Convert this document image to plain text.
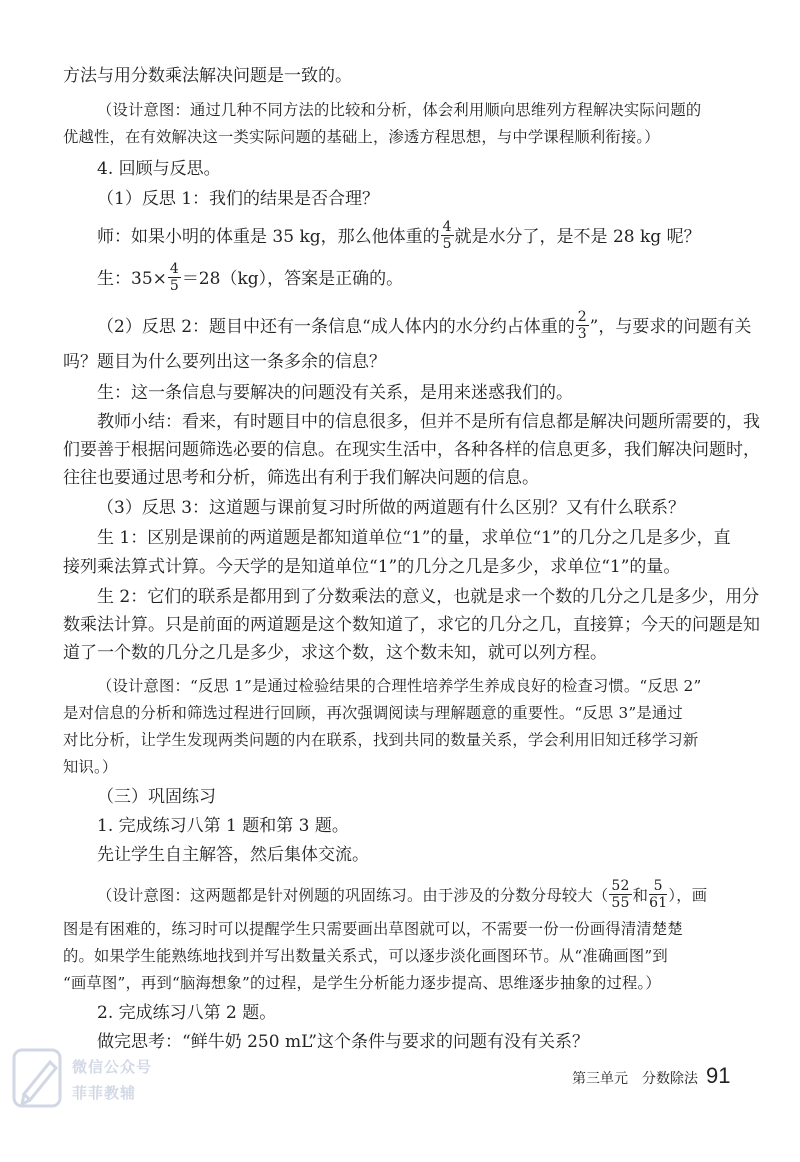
方法与用分数乘法解决问题是一致的。
（设计意图：通过几种不同方法的比较和分析，体会利用顺向思维列方程解决实际问题的
优越性，在有效解决这一类实际问题的基础上，渗透方程思想，与中学课程顺利衔接。）
4. 回顾与反思。
（1）反思 1：我们的结果是否合理？
师：如果小明的体重是 35 kg，那么他体重的 $\frac{4}{5}$ 就是水分了，是不是 28 kg 呢？
生：$35\times \frac{4}{5} =28(kg)$，答案是正确的。
（2）反思 2：题目中还有一条信息“成人体内的水分约占体重的 $\frac{2}{3}$ ”，与要求的问题有关
吗？题目为什么要列出这一条多余的信息？
生：这一条信息与要解决的问题没有关系，是用来迷惑我们的。
教师小结：看来，有时题目中的信息很多，但并不是所有信息都是解决问题所需要的，我
们要善于根据问题筛选必要的信息。在现实生活中，各种各样的信息更多，我们解决问题时，
往往也要通过思考和分析，筛选出有利于我们解决问题的信息。
（3）反思 3：这道题与课前复习时所做的两道题有什么区别？又有什么联系？
生 1：区别是课前的两道题是都知道单位“1”的量，求单位“1”的几分之几是多少，直
接列乘法算式计算。今天学的是知道单位“1”的几分之几是多少，求单位“1”的量。
生 2：它们的联系是都用到了分数乘法的意义，也就是求一个数的几分之几是多少，用分
数乘法计算。只是前面的两道题是这个数知道了，求它的几分之几，直接算；今天的问题是知
道了一个数的几分之几是多少，求这个数，这个数未知，就可以列方程。
（设计意图：“反思 1”是通过检验结果的合理性培养学生养成良好的检查习惯。“反思 2”
是对信息的分析和筛选过程进行回顾，再次强调阅读与理解题意的重要性。“反思 3”是通过
对比分析，让学生发现两类问题的内在联系，找到共同的数量关系，学会利用旧知迁移学习新
知识。）
（三）巩固练习
1. 完成练习八第 1 题和第 3 题。
先让学生自主解答，然后集体交流。
（设计意图：这两题都是针对例题的巩固练习。由于涉及的分数分母较大（ $\frac{52}{55}$ 和 $\frac{5}{61}$ ），画
图是有困难的，练习时可以提醒学生只需要画出草图就可以，不需要一份一份画得清清楚楚
的。如果学生能熟练地找到并写出数量关系式，可以逐步淡化画图环节。从“准确画图”到
“画草图”，再到“脑海想象”的过程，是学生分析能力逐步提高、思维逐步抽象的过程。）
2. 完成练习八第 2 题。
做完思考：“鲜牛奶 250 mL”这个条件与要求的问题有没有关系？
微信公众号
菲菲教辅
第三单元　分数除法 91
